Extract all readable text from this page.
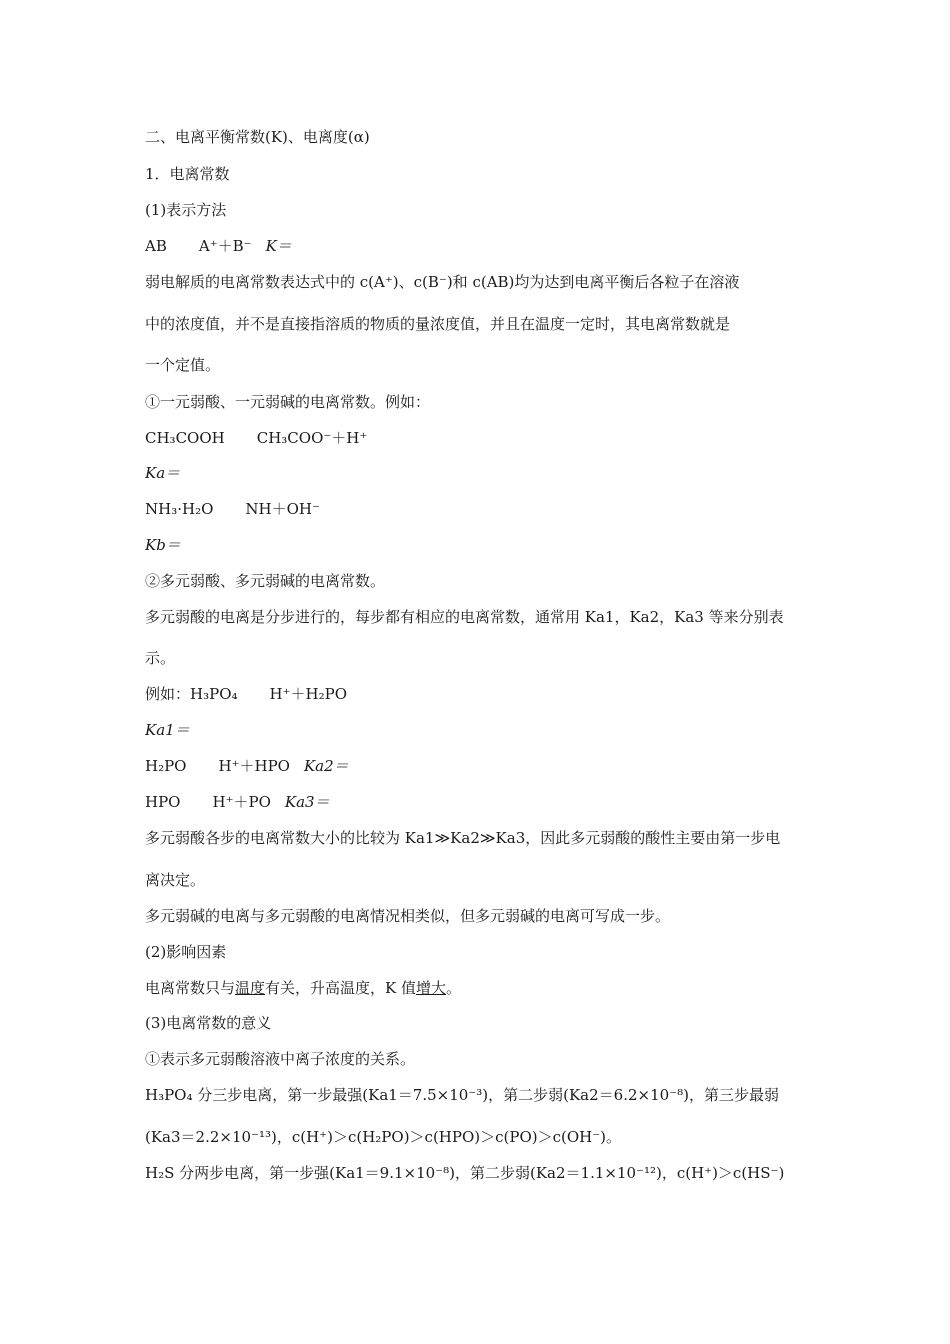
二、电离平衡常数(K)、电离度(α)
1．电离常数
(1)表示方法
AB A⁺＋B⁻ K＝
弱电解质的电离常数表达式中的 c(A⁺)、c(B⁻)和 c(AB)均为达到电离平衡后各粒子在溶液
中的浓度值，并不是直接指溶质的物质的量浓度值，并且在温度一定时，其电离常数就是
一个定值。
①一元弱酸、一元弱碱的电离常数。例如：
CH₃COOH CH₃COO⁻＋H⁺
Ka＝
NH₃·H₂O NH＋OH⁻
Kb＝
②多元弱酸、多元弱碱的电离常数。
多元弱酸的电离是分步进行的，每步都有相应的电离常数，通常用 Ka1，Ka2，Ka3 等来分别表
示。
例如：H₃PO₄ H⁺＋H₂PO
Ka1＝
H₂PO H⁺＋HPO Ka2＝
HPO H⁺＋PO Ka3＝
多元弱酸各步的电离常数大小的比较为 Ka1≫Ka2≫Ka3，因此多元弱酸的酸性主要由第一步电
离决定。
多元弱碱的电离与多元弱酸的电离情况相类似，但多元弱碱的电离可写成一步。
(2)影响因素
电离常数只与温度有关，升高温度，K 值增大。
(3)电离常数的意义
①表示多元弱酸溶液中离子浓度的关系。
H₃PO₄ 分三步电离，第一步最强(Ka1＝7.5×10⁻³)，第二步弱(Ka2＝6.2×10⁻⁸)，第三步最弱
(Ka3＝2.2×10⁻¹³)，c(H⁺)＞c(H₂PO)＞c(HPO)＞c(PO)＞c(OH⁻)。
H₂S 分两步电离，第一步强(Ka1＝9.1×10⁻⁸)，第二步弱(Ka2＝1.1×10⁻¹²)，c(H⁺)＞c(HS⁻)
